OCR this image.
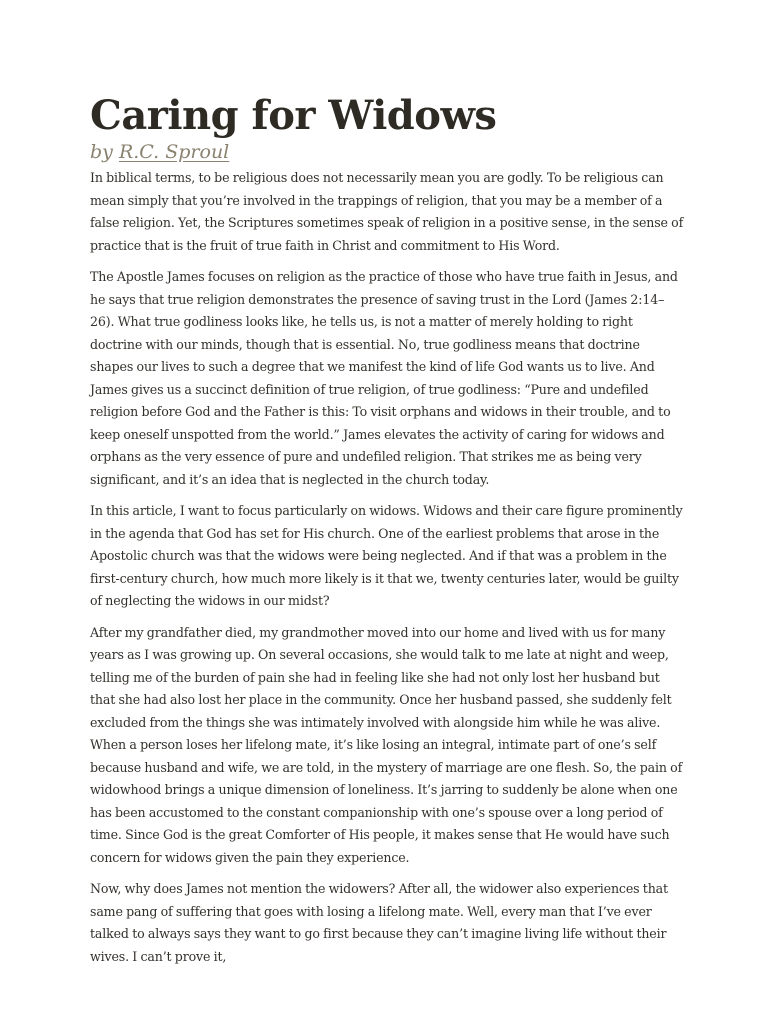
Caring for Widows

by R.C. Sproul

In biblical terms, to be religious does not necessarily mean you are godly. To be religious can mean simply that you’re involved in the trappings of religion, that you may be a member of a false religion. Yet, the Scriptures sometimes speak of religion in a positive sense, in the sense of practice that is the fruit of true faith in Christ and commitment to His Word.

The Apostle James focuses on religion as the practice of those who have true faith in Jesus, and he says that true religion demonstrates the presence of saving trust in the Lord (James 2:14–26). What true godliness looks like, he tells us, is not a matter of merely holding to right doctrine with our minds, though that is essential. No, true godliness means that doctrine shapes our lives to such a degree that we manifest the kind of life God wants us to live. And James gives us a succinct definition of true religion, of true godliness: “Pure and undefiled religion before God and the Father is this: To visit orphans and widows in their trouble, and to keep oneself unspotted from the world.” James elevates the activity of caring for widows and orphans as the very essence of pure and undefiled religion. That strikes me as being very significant, and it’s an idea that is neglected in the church today.

In this article, I want to focus particularly on widows. Widows and their care figure prominently in the agenda that God has set for His church. One of the earliest problems that arose in the Apostolic church was that the widows were being neglected. And if that was a problem in the first-century church, how much more likely is it that we, twenty centuries later, would be guilty of neglecting the widows in our midst?

After my grandfather died, my grandmother moved into our home and lived with us for many years as I was growing up. On several occasions, she would talk to me late at night and weep, telling me of the burden of pain she had in feeling like she had not only lost her husband but that she had also lost her place in the community. Once her husband passed, she suddenly felt excluded from the things she was intimately involved with alongside him while he was alive. When a person loses her lifelong mate, it’s like losing an integral, intimate part of one’s self because husband and wife, we are told, in the mystery of marriage are one flesh. So, the pain of widowhood brings a unique dimension of loneliness. It’s jarring to suddenly be alone when one has been accustomed to the constant companionship with one’s spouse over a long period of time. Since God is the great Comforter of His people, it makes sense that He would have such concern for widows given the pain they experience.

Now, why does James not mention the widowers? After all, the widower also experiences that same pang of suffering that goes with losing a lifelong mate. Well, every man that I’ve ever talked to always says they want to go first because they can’t imagine living life without their wives. I can’t prove it,
